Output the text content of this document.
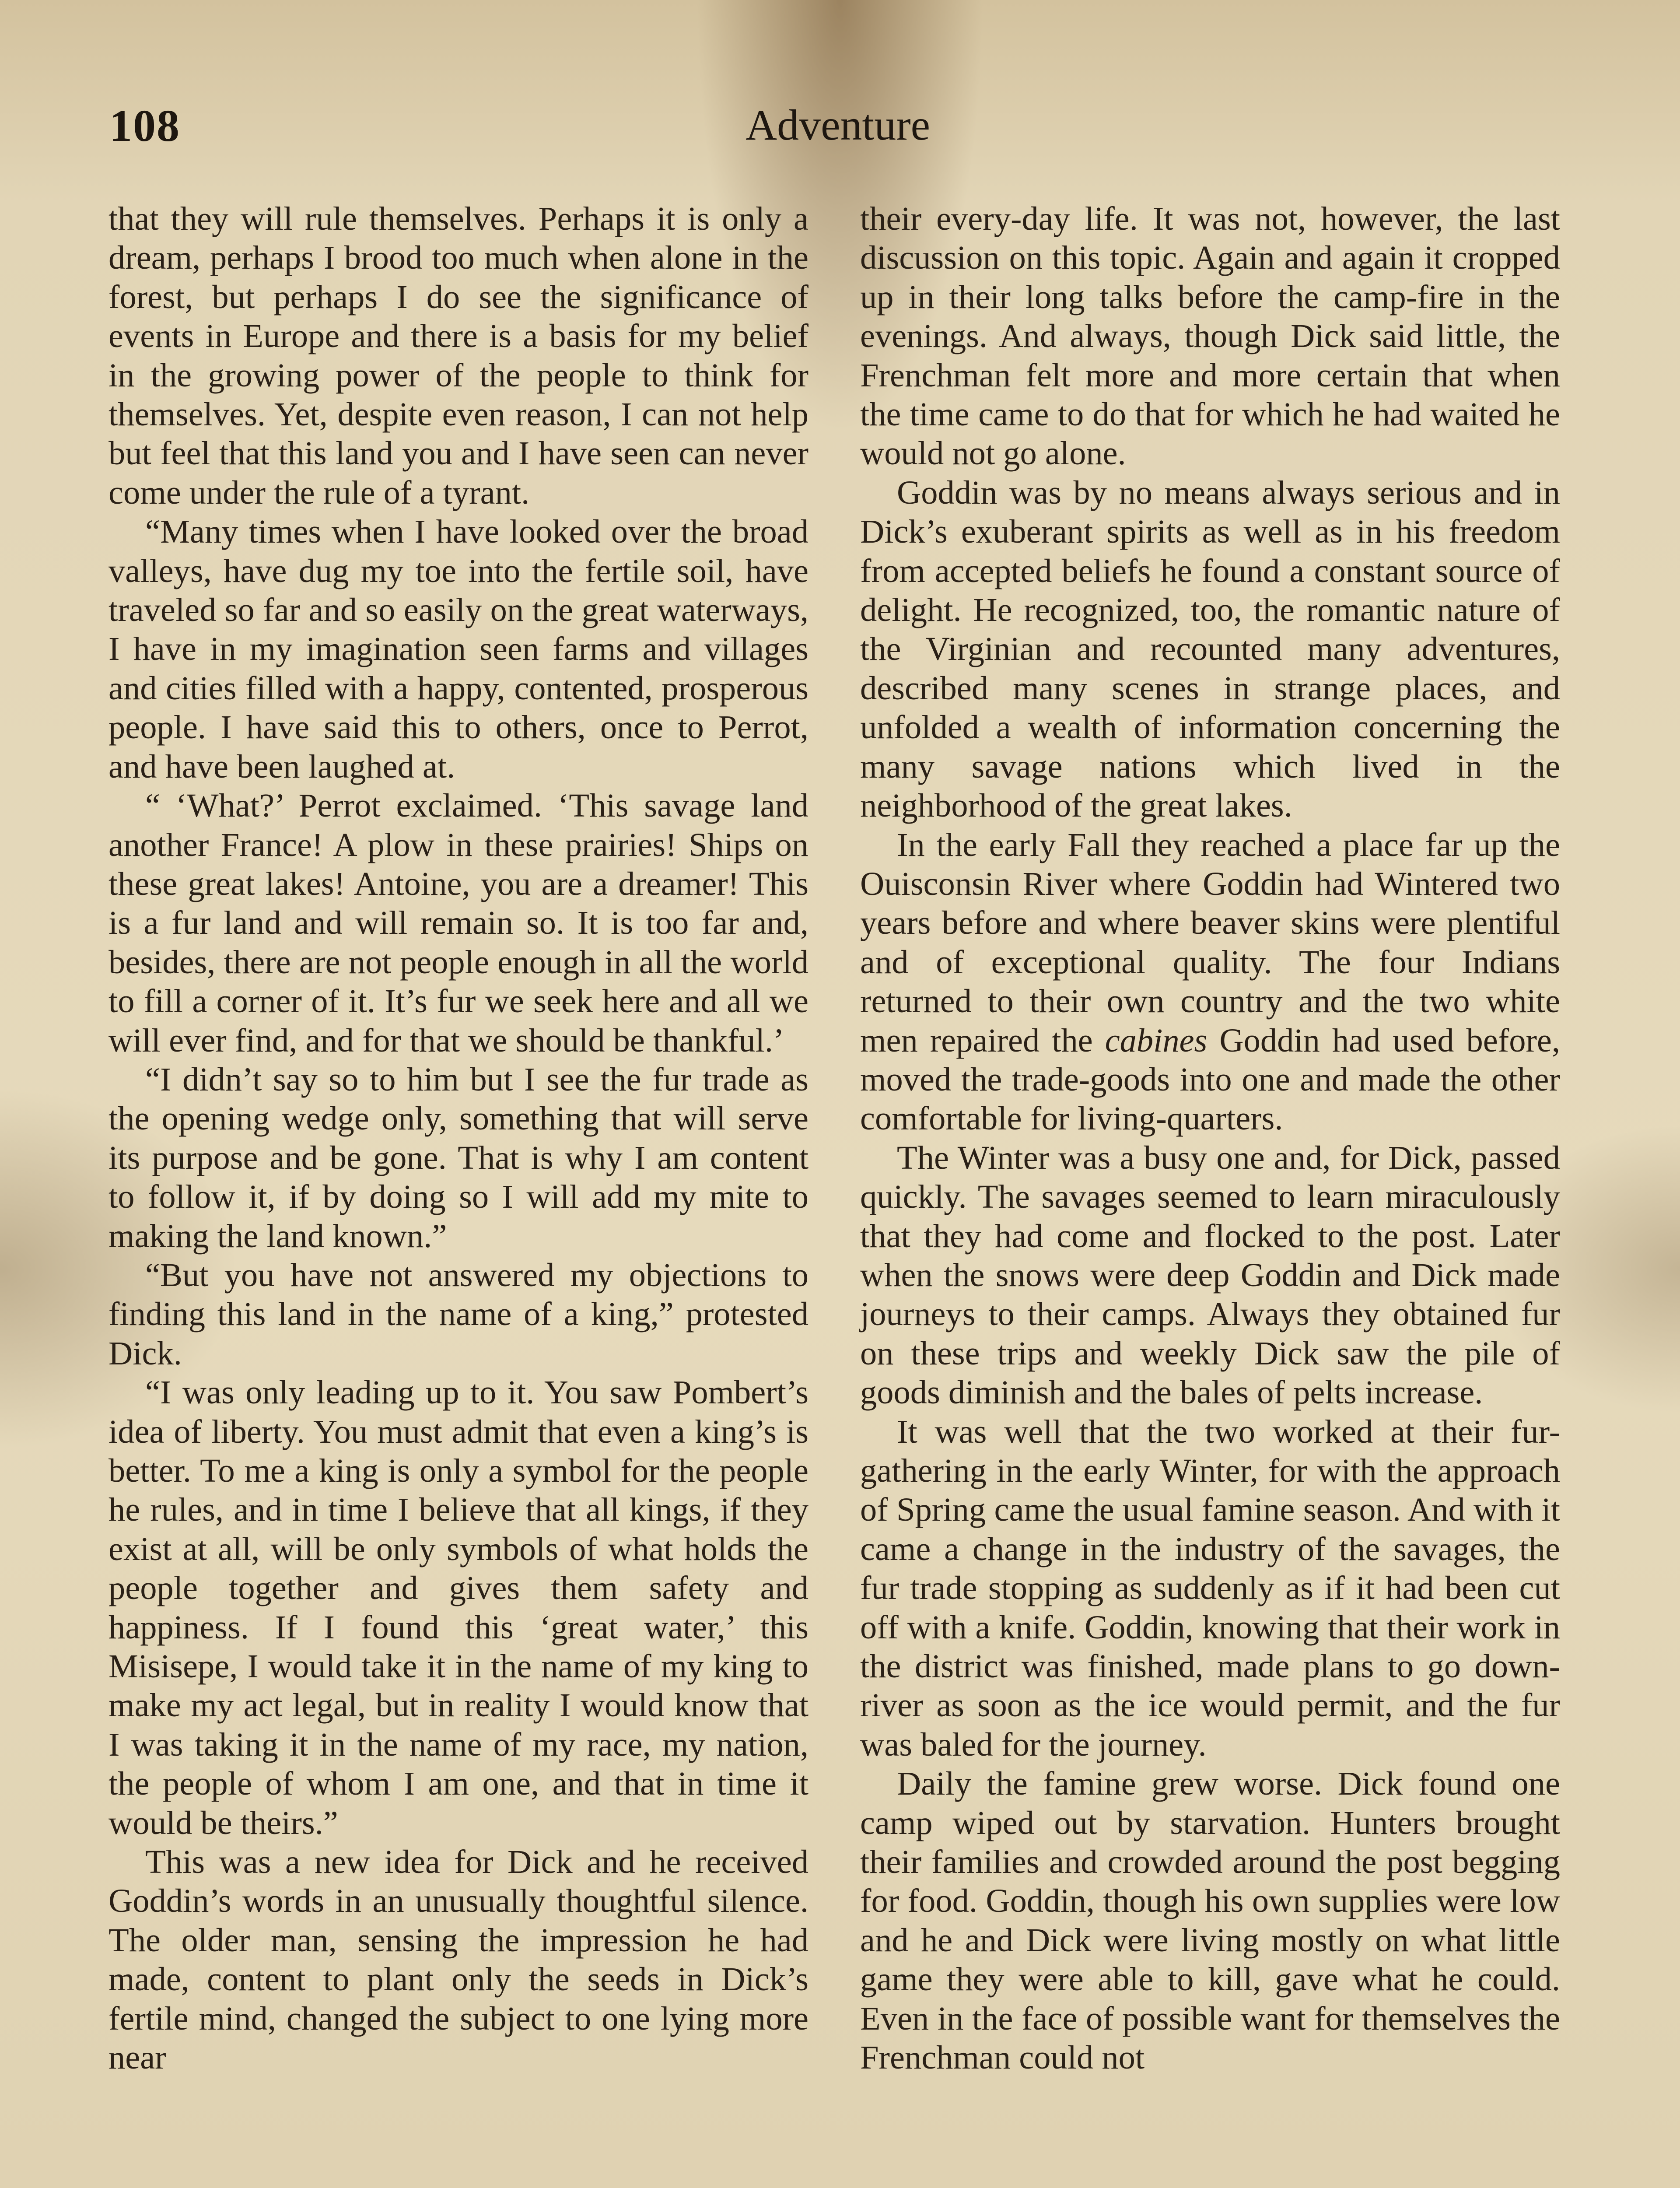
108	Adventure

that they will rule themselves. Perhaps it is only a dream, perhaps I brood too much when alone in the forest, but perhaps I do see the significance of events in Europe and there is a basis for my belief in the growing power of the people to think for themselves. Yet, despite even reason, I can not help but feel that this land you and I have seen can never come under the rule of a tyrant.

“Many times when I have looked over the broad valleys, have dug my toe into the fertile soil, have traveled so far and so easily on the great waterways, I have in my imagination seen farms and villages and cities filled with a happy, contented, prosperous people. I have said this to others, once to Perrot, and have been laughed at.

“ ‘What?’ Perrot exclaimed. ‘This savage land another France! A plow in these prairies! Ships on these great lakes! Antoine, you are a dreamer! This is a fur land and will remain so. It is too far and, besides, there are not people enough in all the world to fill a corner of it. It’s fur we seek here and all we will ever find, and for that we should be thankful.’

“I didn’t say so to him but I see the fur trade as the opening wedge only, something that will serve its purpose and be gone. That is why I am content to follow it, if by doing so I will add my mite to making the land known.”

“But you have not answered my objections to finding this land in the name of a king,” protested Dick.

“I was only leading up to it. You saw Pombert’s idea of liberty. You must admit that even a king’s is better. To me a king is only a symbol for the people he rules, and in time I believe that all kings, if they exist at all, will be only symbols of what holds the people together and gives them safety and happiness. If I found this ‘great water,’ this Misisepe, I would take it in the name of my king to make my act legal, but in reality I would know that I was taking it in the name of my race, my nation, the people of whom I am one, and that in time it would be theirs.”

This was a new idea for Dick and he received Goddin’s words in an unusually thoughtful silence. The older man, sensing the impression he had made, content to plant only the seeds in Dick’s fertile mind, changed the subject to one lying more near

their every-day life. It was not, however, the last discussion on this topic. Again and again it cropped up in their long talks before the camp-fire in the evenings. And always, though Dick said little, the Frenchman felt more and more certain that when the time came to do that for which he had waited he would not go alone.

Goddin was by no means always serious and in Dick’s exuberant spirits as well as in his freedom from accepted beliefs he found a constant source of delight. He recognized, too, the romantic nature of the Virginian and recounted many adventures, described many scenes in strange places, and unfolded a wealth of information concerning the many savage nations which lived in the neighborhood of the great lakes.

In the early Fall they reached a place far up the Ouisconsin River where Goddin had Wintered two years before and where beaver skins were plentiful and of exceptional quality. The four Indians returned to their own country and the two white men repaired the cabines Goddin had used before, moved the trade-goods into one and made the other comfortable for living-quarters.

The Winter was a busy one and, for Dick, passed quickly. The savages seemed to learn miraculously that they had come and flocked to the post. Later when the snows were deep Goddin and Dick made journeys to their camps. Always they obtained fur on these trips and weekly Dick saw the pile of goods diminish and the bales of pelts increase.

It was well that the two worked at their fur-gathering in the early Winter, for with the approach of Spring came the usual famine season. And with it came a change in the industry of the savages, the fur trade stopping as suddenly as if it had been cut off with a knife. Goddin, knowing that their work in the district was finished, made plans to go down-river as soon as the ice would permit, and the fur was baled for the journey.

Daily the famine grew worse. Dick found one camp wiped out by starvation. Hunters brought their families and crowded around the post begging for food. Goddin, though his own supplies were low and he and Dick were living mostly on what little game they were able to kill, gave what he could. Even in the face of possible want for themselves the Frenchman could not
